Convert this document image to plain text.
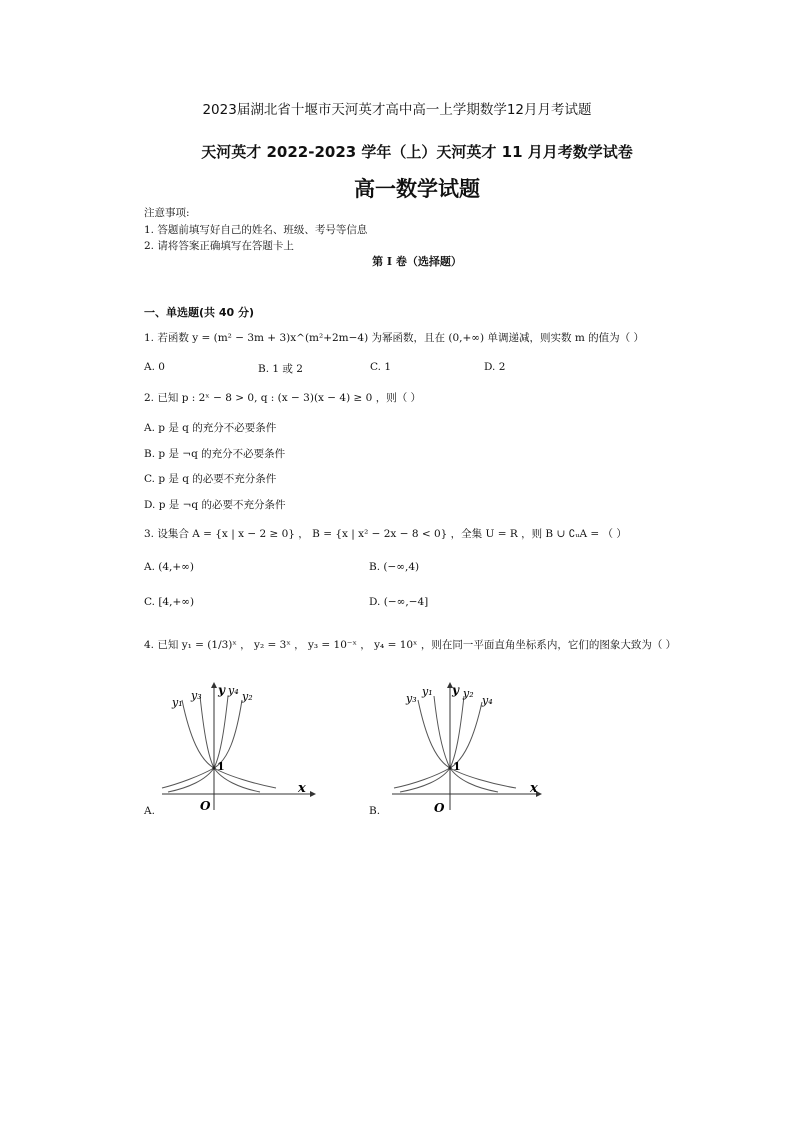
2023届湖北省十堰市天河英才高中高一上学期数学12月月考试题
天河英才 2022-2023 学年（上）天河英才 11 月月考数学试卷
高一数学试题
注意事项:
1. 答题前填写好自己的姓名、班级、考号等信息
2. 请将答案正确填写在答题卡上
第 I 卷（选择题）
一、单选题(共 40 分)
1. 若函数 y = (m² − 3m + 3)x^(m²+2m−4) 为幂函数，且在 (0,+∞) 单调递减，则实数 m 的值为（ ）
A. 0	B. 1 或 2	C. 1	D. 2
2. 已知 p : 2ˣ − 8 > 0, q : (x − 3)(x − 4) ≥ 0 ，则（ ）
A. p 是 q 的充分不必要条件
B. p 是 ¬q 的充分不必要条件
C. p 是 q 的必要不充分条件
D. p 是 ¬q 的必要不充分条件
3. 设集合 A = {x | x − 2 ≥ 0} ， B = {x | x² − 2x − 8 < 0} ，全集 U = R ，则 B ∪ ∁ᵤA = （ ）
A. (4,+∞)	B. (−∞,4)
C. [4,+∞)	D. (−∞,−4]
4. 已知 y₁ = (1/3)ˣ ， y₂ = 3ˣ ， y₃ = 10⁻ˣ ， y₄ = 10ˣ ，则在同一平面直角坐标系内，它们的图象大致为（ ）
A.	B.
y₁
y₃ y y₄ y₂
1
x
O
y₃
y₁ y y₂
y₄
1
x
O
